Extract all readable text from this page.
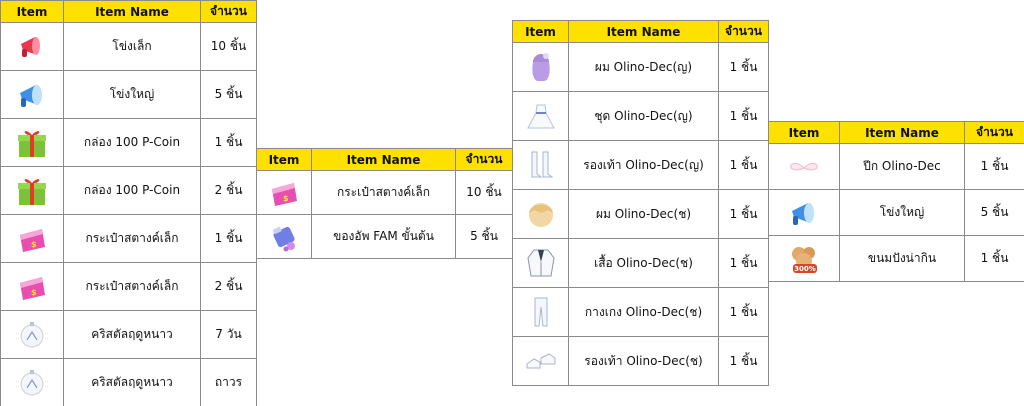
Item	Item Name	จำนวน

	โข่งเล็ก	10 ชิ้น

	โข่งใหญ่	5 ชิ้น

	กล่อง 100 P-Coin	1 ชิ้น

	กล่อง 100 P-Coin	2 ชิ้น

$	กระเป๋าสตางค์เล็ก	1 ชิ้น

$	กระเป๋าสตางค์เล็ก	2 ชิ้น

	คริสตัลฤดูหนาว	7 วัน

	คริสตัลฤดูหนาว	ถาวร
Item	Item Name	จำนวน

$	กระเป๋าสตางค์เล็ก	10 ชิ้น

	ของอัพ FAM ขั้นต้น	5 ชิ้น
Item	Item Name	จำนวน

	ผม Olino-Dec(ญ)	1 ชิ้น

	ชุด Olino-Dec(ญ)	1 ชิ้น

	รองเท้า Olino-Dec(ญ)	1 ชิ้น

	ผม Olino-Dec(ช)	1 ชิ้น

	เสื้อ Olino-Dec(ช)	1 ชิ้น

	กางเกง Olino-Dec(ช)	1 ชิ้น

	รองเท้า Olino-Dec(ช)	1 ชิ้น
Item	Item Name	จำนวน

	ปีก Olino-Dec	1 ชิ้น

	โข่งใหญ่	5 ชิ้น

300%	ขนมปังน่ากิน	1 ชิ้น
